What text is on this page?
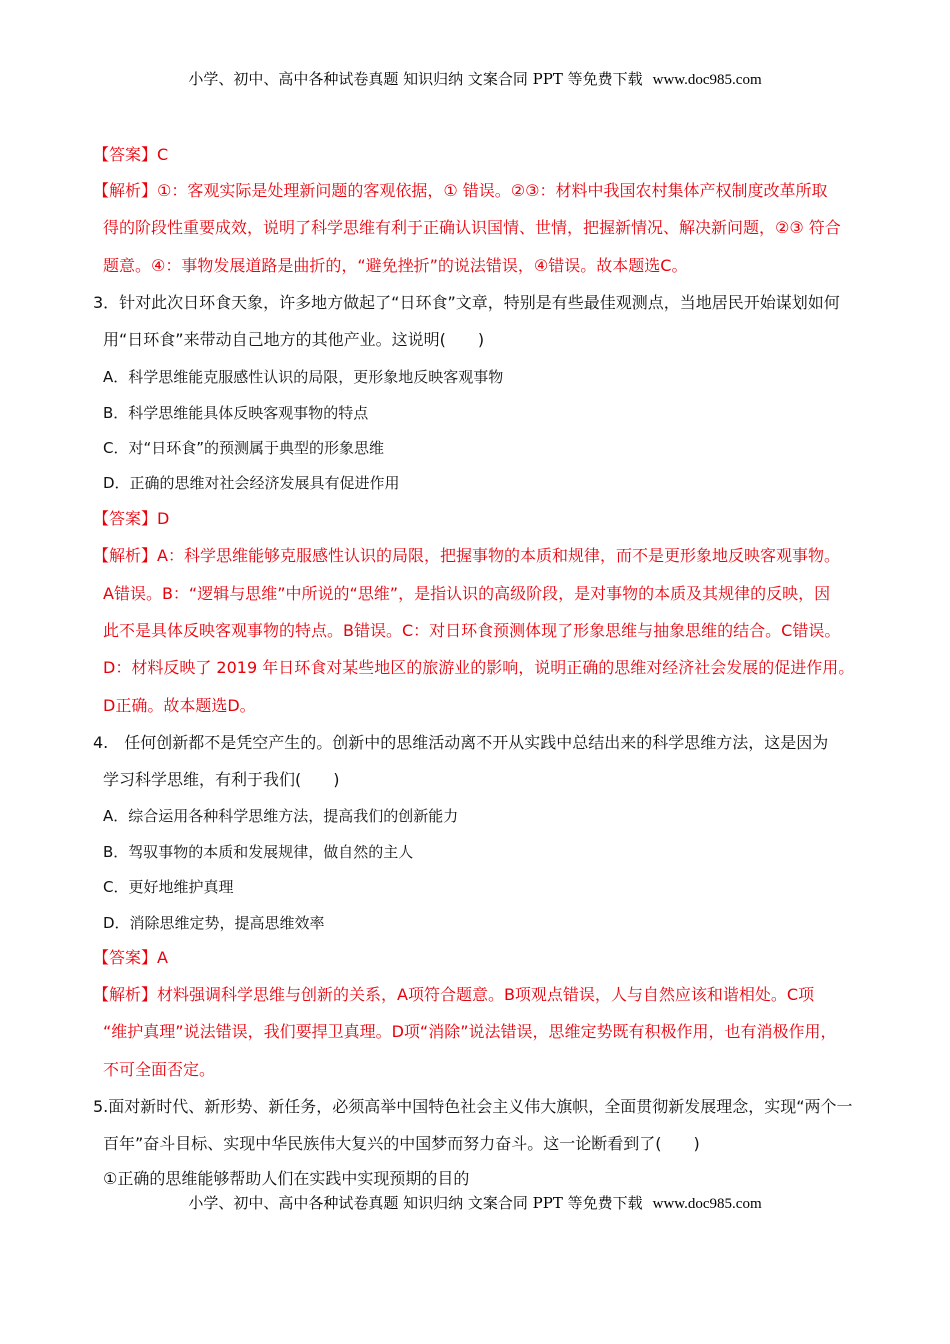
小学、初中、高中各种试卷真题 知识归纳 文案合同 PPT 等免费下载 www.doc985.com
【答案】C
【解析】①：客观实际是处理新问题的客观依据，① 错误。②③：材料中我国农村集体产权制度改革所取
得的阶段性重要成效，说明了科学思维有利于正确认识国情、世情，把握新情况、解决新问题，②③ 符合
题意。④：事物发展道路是曲折的，“避免挫折”的说法错误，④错误。故本题选C。
3．针对此次日环食天象，许多地方做起了“日环食”文章，特别是有些最佳观测点，当地居民开始谋划如何
用“日环食”来带动自己地方的其他产业。这说明(　　)
A．科学思维能克服感性认识的局限，更形象地反映客观事物
B．科学思维能具体反映客观事物的特点
C．对“日环食”的预测属于典型的形象思维
D．正确的思维对社会经济发展具有促进作用
【答案】D
【解析】A：科学思维能够克服感性认识的局限，把握事物的本质和规律，而不是更形象地反映客观事物。
A错误。B：“逻辑与思维”中所说的“思维”，是指认识的高级阶段，是对事物的本质及其规律的反映，因
此不是具体反映客观事物的特点。B错误。C：对日环食预测体现了形象思维与抽象思维的结合。C错误。
D：材料反映了 2019 年日环食对某些地区的旅游业的影响，说明正确的思维对经济社会发展的促进作用。
D正确。故本题选D。
4.　任何创新都不是凭空产生的。创新中的思维活动离不开从实践中总结出来的科学思维方法，这是因为
学习科学思维，有利于我们(　　)
A．综合运用各种科学思维方法，提高我们的创新能力
B．驾驭事物的本质和发展规律，做自然的主人
C．更好地维护真理
D．消除思维定势，提高思维效率
【答案】A
【解析】材料强调科学思维与创新的关系，A项符合题意。B项观点错误，人与自然应该和谐相处。C项
“维护真理”说法错误，我们要捍卫真理。D项“消除”说法错误，思维定势既有积极作用，也有消极作用，
不可全面否定。
5.面对新时代、新形势、新任务，必须高举中国特色社会主义伟大旗帜，全面贯彻新发展理念，实现“两个一
百年”奋斗目标、实现中华民族伟大复兴的中国梦而努力奋斗。这一论断看到了(　　)
①正确的思维能够帮助人们在实践中实现预期的目的
小学、初中、高中各种试卷真题 知识归纳 文案合同 PPT 等免费下载 www.doc985.com
